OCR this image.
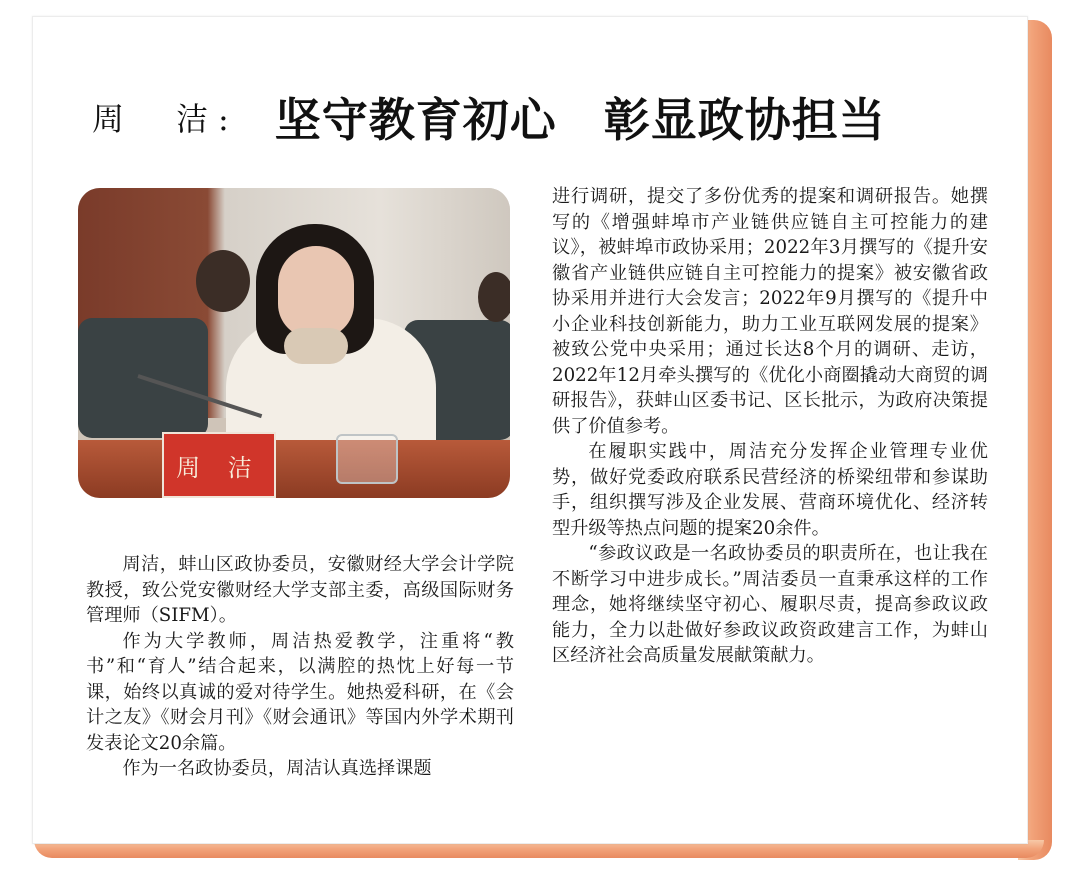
周　洁: 坚守教育初心　彰显政协担当
周 洁

周洁，蚌山区政协委员，安徽财经大学会计学院教授，致公党安徽财经大学支部主委，高级国际财务管理师（SIFM）。

作为大学教师，周洁热爱教学，注重将“教书”和“育人”结合起来，以满腔的热忱上好每一节课，始终以真诚的爱对待学生。她热爱科研，在《会计之友》《财会月刊》《财会通讯》等国内外学术期刊发表论文20余篇。

作为一名政协委员，周洁认真选择课题

进行调研，提交了多份优秀的提案和调研报告。她撰写的《增强蚌埠市产业链供应链自主可控能力的建议》，被蚌埠市政协采用；2022年3月撰写的《提升安徽省产业链供应链自主可控能力的提案》被安徽省政协采用并进行大会发言；2022年9月撰写的《提升中小企业科技创新能力，助力工业互联网发展的提案》被致公党中央采用；通过长达8个月的调研、走访，2022年12月牵头撰写的《优化小商圈撬动大商贸的调研报告》，获蚌山区委书记、区长批示，为政府决策提供了价值参考。

在履职实践中，周洁充分发挥企业管理专业优势，做好党委政府联系民营经济的桥梁纽带和参谋助手，组织撰写涉及企业发展、营商环境优化、经济转型升级等热点问题的提案20余件。

“参政议政是一名政协委员的职责所在，也让我在不断学习中进步成长。”周洁委员一直秉承这样的工作理念，她将继续坚守初心、履职尽责，提高参政议政能力，全力以赴做好参政议政资政建言工作，为蚌山区经济社会高质量发展献策献力。
